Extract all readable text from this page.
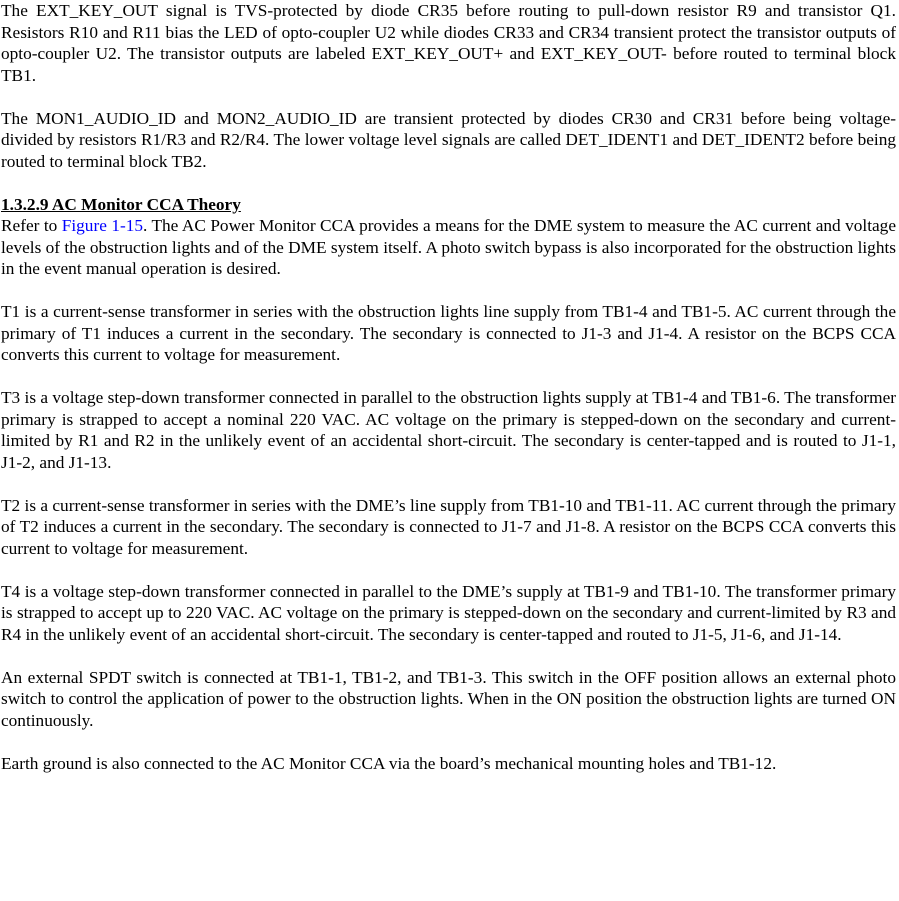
The EXT_KEY_OUT signal is TVS-protected by diode CR35 before routing to pull-down resistor R9 and transistor Q1. Resistors R10 and R11 bias the LED of opto-coupler U2 while diodes CR33 and CR34 transient protect the transistor outputs of opto-coupler U2. The transistor outputs are labeled EXT_KEY_OUT+ and EXT_KEY_OUT- before routed to terminal block TB1.

The MON1_AUDIO_ID and MON2_AUDIO_ID are transient protected by diodes CR30 and CR31 before being voltage-divided by resistors R1/R3 and R2/R4. The lower voltage level signals are called DET_IDENT1 and DET_IDENT2 before being routed to terminal block TB2.

1.3.2.9 AC Monitor CCA Theory

Refer to Figure 1-15. The AC Power Monitor CCA provides a means for the DME system to measure the AC current and voltage levels of the obstruction lights and of the DME system itself. A photo switch bypass is also incorporated for the obstruction lights in the event manual operation is desired.

T1 is a current-sense transformer in series with the obstruction lights line supply from TB1-4 and TB1-5. AC current through the primary of T1 induces a current in the secondary. The secondary is connected to J1-3 and J1-4. A resistor on the BCPS CCA converts this current to voltage for measurement.

T3 is a voltage step-down transformer connected in parallel to the obstruction lights supply at TB1-4 and TB1-6. The transformer primary is strapped to accept a nominal 220 VAC. AC voltage on the primary is stepped-down on the secondary and current-limited by R1 and R2 in the unlikely event of an accidental short-circuit. The secondary is center-tapped and is routed to J1-1, J1-2, and J1-13.

T2 is a current-sense transformer in series with the DME’s line supply from TB1-10 and TB1-11. AC current through the primary of T2 induces a current in the secondary. The secondary is connected to J1-7 and J1-8. A resistor on the BCPS CCA converts this current to voltage for measurement.

T4 is a voltage step-down transformer connected in parallel to the DME’s supply at TB1-9 and TB1-10. The transformer primary is strapped to accept up to 220 VAC. AC voltage on the primary is stepped-down on the secondary and current-limited by R3 and R4 in the unlikely event of an accidental short-circuit. The secondary is center-tapped and routed to J1-5, J1-6, and J1-14.

An external SPDT switch is connected at TB1-1, TB1-2, and TB1-3. This switch in the OFF position allows an external photo switch to control the application of power to the obstruction lights. When in the ON position the obstruction lights are turned ON continuously.

Earth ground is also connected to the AC Monitor CCA via the board’s mechanical mounting holes and TB1-12.
